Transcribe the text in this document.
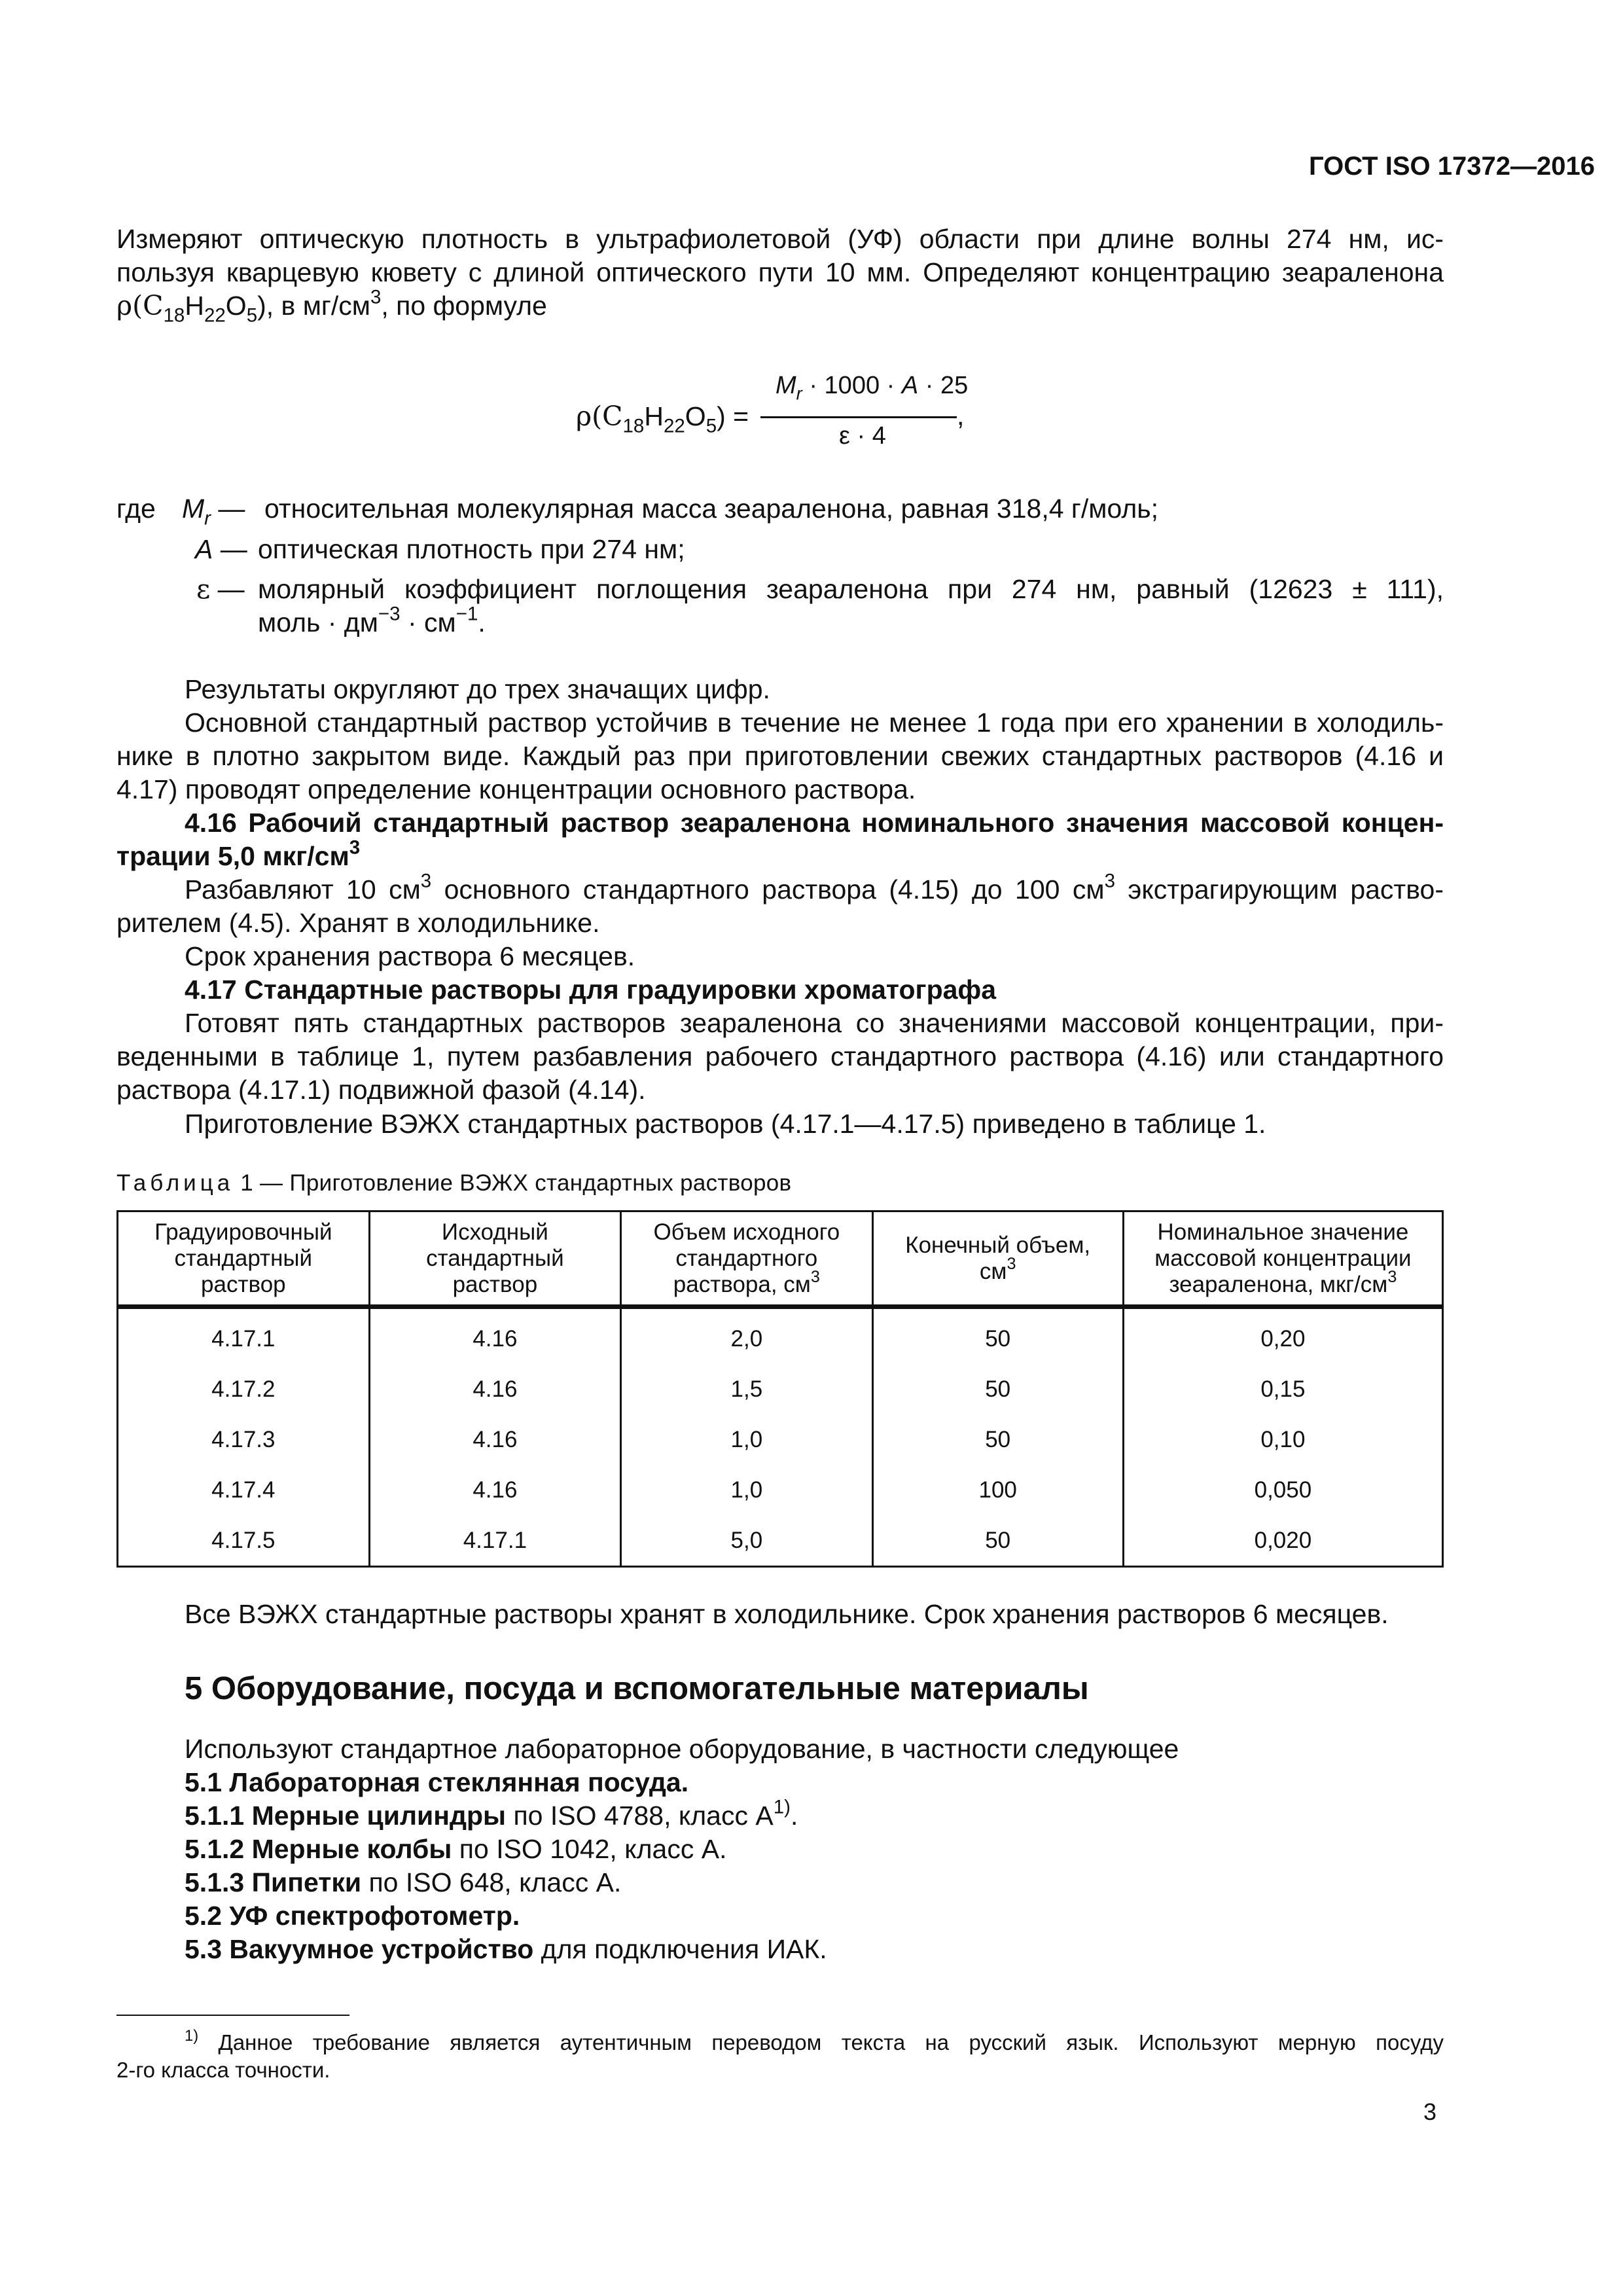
ГОСТ ISO 17372—2016
Измеряют оптическую плотность в ультрафиолетовой (УФ) области при длине волны 274 нм, ис-
пользуя кварцевую кювету с длиной оптического пути 10 мм. Определяют концентрацию зеараленона
$\rho(C_{18}H_{22}O_5)$, в $мг/см^3$, по формуле
$\rho(C_{18}H_{22}O_5)$ =
$M_r \cdot 1000 \cdot A \cdot 25$
,
ε · 4
где $M_r$ — относительная молекулярная масса зеараленона, равная 318,4 г/моль;
A — оптическая плотность при 274 нм;
ε — молярный коэффициент поглощения зеараленона при 274 нм, равный (12623 ± 111),
моль · $дм^{-3} \cdot см^{-1}$.
Результаты округляют до трех значащих цифр.
Основной стандартный раствор устойчив в течение не менее 1 года при его хранении в холодиль-
нике в плотно закрытом виде. Каждый раз при приготовлении свежих стандартных растворов (4.16 и
4.17) проводят определение концентрации основного раствора.
4.16 Рабочий стандартный раствор зеараленона номинального значения массовой концен-
трации 5,0 мкг/$см^3$
Разбавляют 10 $см^3$ основного стандартного раствора (4.15) до 100 $см^3$ экстрагирующим раство-
рителем (4.5). Хранят в холодильнике.
Срок хранения раствора 6 месяцев.
4.17 Стандартные растворы для градуировки хроматографа
Готовят пять стандартных растворов зеараленона со значениями массовой концентрации, при-
веденными в таблице 1, путем разбавления рабочего стандартного раствора (4.16) или стандартного
раствора (4.17.1) подвижной фазой (4.14).
Приготовление ВЭЖХ стандартных растворов (4.17.1—4.17.5) приведено в таблице 1.
Таблица 1 — Приготовление ВЭЖХ стандартных растворов
Градуировочный
стандартный
раствор	Исходный
стандартный
раствор	Объем исходного
стандартного
раствора, $см^3$	Конечный объем,
$см^3$	Номинальное значение
массовой концентрации
зеараленона, мкг/$см^3$
4.17.1	4.16	2,0	50	0,20
4.17.2	4.16	1,5	50	0,15
4.17.3	4.16	1,0	50	0,10
4.17.4	4.16	1,0	100	0,050
4.17.5	4.17.1	5,0	50	0,020
Все ВЭЖХ стандартные растворы хранят в холодильнике. Срок хранения растворов 6 месяцев.
5 Оборудование, посуда и вспомогательные материалы
Используют стандартное лабораторное оборудование, в частности следующее
5.1 Лабораторная стеклянная посуда.
5.1.1 Мерные цилиндры по ISO 4788, класс $А^{1)}$.
5.1.2 Мерные колбы по ISO 1042, класс А.
5.1.3 Пипетки по ISO 648, класс А.
5.2 УФ спектрофотометр.
5.3 Вакуумное устройство для подключения ИАК.
$^{1)}$ Данное требование является аутентичным переводом текста на русский язык. Используют мерную посуду
2-го класса точности.
3
